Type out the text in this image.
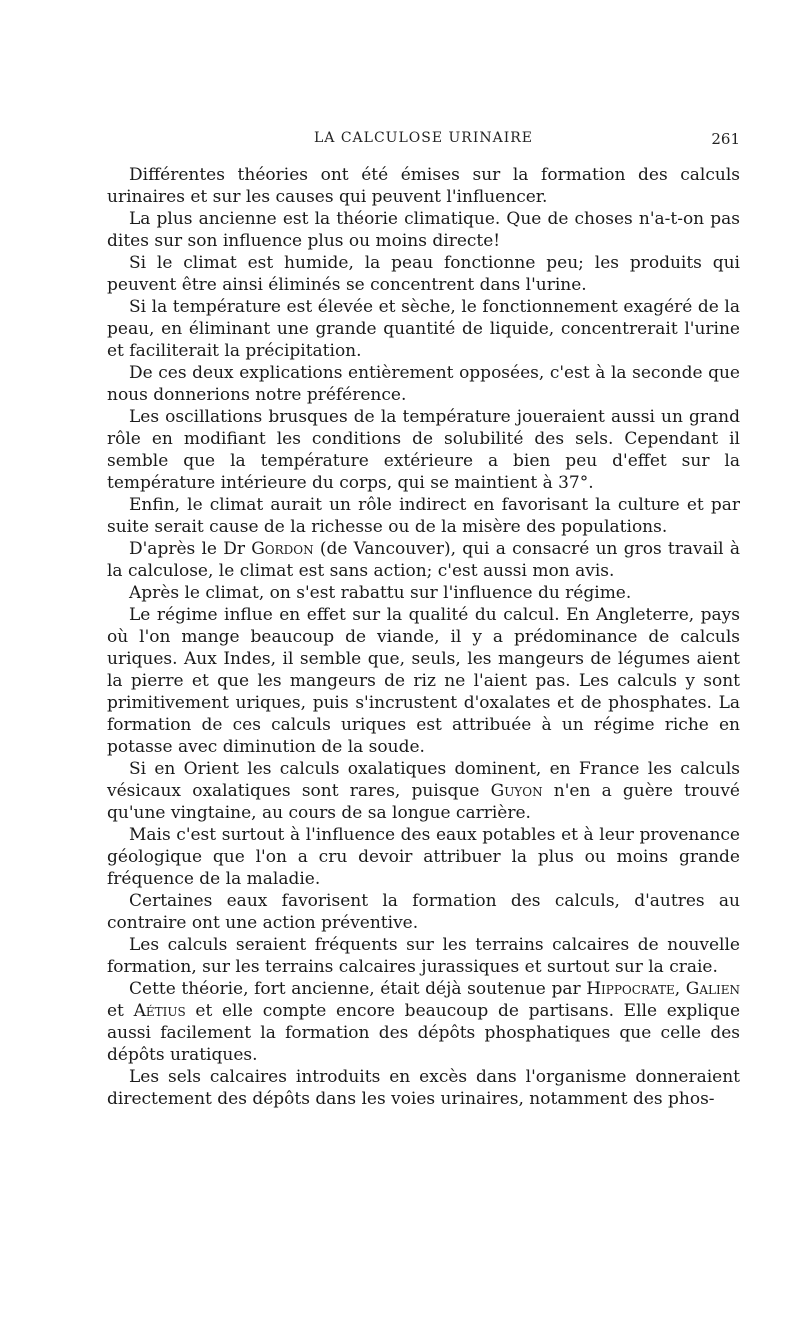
LA CALCULOSE URINAIRE	261

Différentes théories ont été émises sur la formation des calculs urinaires et sur les causes qui peuvent l'influencer.

La plus ancienne est la théorie climatique. Que de choses n'a-t-on pas dites sur son influence plus ou moins directe!

Si le climat est humide, la peau fonctionne peu; les produits qui peuvent être ainsi éliminés se concentrent dans l'urine.

Si la température est élevée et sèche, le fonctionnement exagéré de la peau, en éliminant une grande quantité de liquide, concentrerait l'urine et faciliterait la précipitation.

De ces deux explications entièrement opposées, c'est à la seconde que nous donnerions notre préférence.

Les oscillations brusques de la température joueraient aussi un grand rôle en modifiant les conditions de solubilité des sels. Cependant il semble que la température extérieure a bien peu d'effet sur la température intérieure du corps, qui se maintient à 37°.

Enfin, le climat aurait un rôle indirect en favorisant la culture et par suite serait cause de la richesse ou de la misère des populations.

D'après le Dr Gordon (de Vancouver), qui a consacré un gros travail à la calculose, le climat est sans action; c'est aussi mon avis.

Après le climat, on s'est rabattu sur l'influence du régime.

Le régime influe en effet sur la qualité du calcul. En Angleterre, pays où l'on mange beaucoup de viande, il y a prédominance de calculs uriques. Aux Indes, il semble que, seuls, les mangeurs de légumes aient la pierre et que les mangeurs de riz ne l'aient pas. Les calculs y sont primitivement uriques, puis s'incrustent d'oxalates et de phosphates. La formation de ces calculs uriques est attribuée à un régime riche en potasse avec diminution de la soude.

Si en Orient les calculs oxalatiques dominent, en France les calculs vésicaux oxalatiques sont rares, puisque Guyon n'en a guère trouvé qu'une vingtaine, au cours de sa longue carrière.

Mais c'est surtout à l'influence des eaux potables et à leur provenance géologique que l'on a cru devoir attribuer la plus ou moins grande fréquence de la maladie.

Certaines eaux favorisent la formation des calculs, d'autres au contraire ont une action préventive.

Les calculs seraient fréquents sur les terrains calcaires de nouvelle formation, sur les terrains calcaires jurassiques et surtout sur la craie.

Cette théorie, fort ancienne, était déjà soutenue par Hippocrate, Galien et Aétius et elle compte encore beaucoup de partisans. Elle explique aussi facilement la formation des dépôts phosphatiques que celle des dépôts uratiques.

Les sels calcaires introduits en excès dans l'organisme donneraient directement des dépôts dans les voies urinaires, notamment des phos-
